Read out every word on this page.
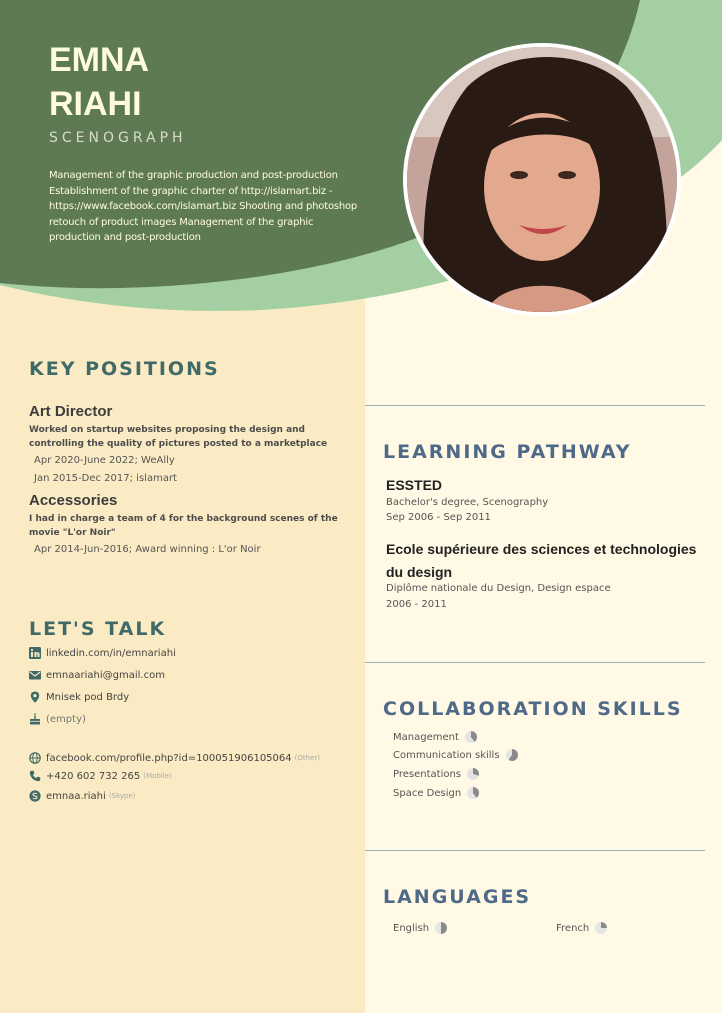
EMNA
RIAHI
SCENOGRAPH
Management of the graphic production and post-production Establishment of the graphic charter of http://islamart.biz - https://www.facebook.com/islamart.biz Shooting and photoshop retouch of product images Management of the graphic production and post-production
KEY POSITIONS
Art Director
Worked on startup websites proposing the design and controlling the quality of pictures posted to a marketplace
Apr 2020-June 2022; WeAlly
Jan 2015-Dec 2017; islamart
Accessories
I had in charge a team of 4 for the background scenes of the movie "L'or Noir"
Apr 2014-Jun-2016; Award winning : L'or Noir
LET'S TALK
linkedin.com/in/emnariahi
emnaariahi@gmail.com
Mnisek pod Brdy
(empty)
facebook.com/profile.php?id=100051906105064 (Other)
+420 602 732 265 (Mobile)
emnaa.riahi (Skype)
LEARNING PATHWAY
ESSTED
Bachelor's degree, Scenography
Sep 2006 - Sep 2011
Ecole supérieure des sciences et technologies du design
Diplôme nationale du Design, Design espace
2006 - 2011
COLLABORATION SKILLS
Management
Communication skills
Presentations
Space Design
LANGUAGES
English	French
